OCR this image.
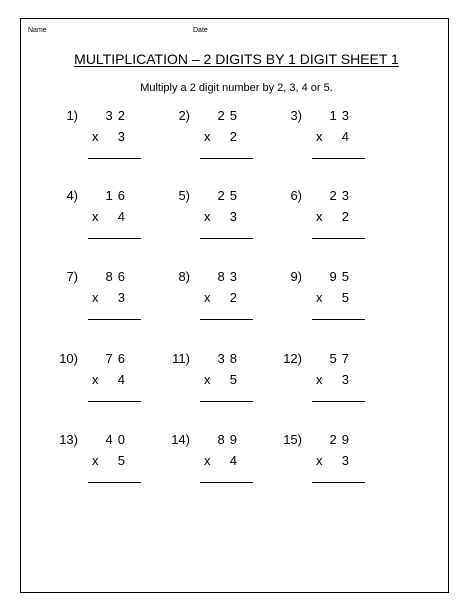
Name	Date
MULTIPLICATION – 2 DIGITS BY 1 DIGIT SHEET 1
Multiply a 2 digit number by 2, 3, 4 or 5.
1)	32
x	3
2)	25
x	2
3)	13
x	4
4)	16
x	4
5)	25
x	3
6)	23
x	2
7)	86
x	3
8)	83
x	2
9)	95
x	5
10)	76
x	4
11)	38
x	5
12)	57
x	3
13)	40
x	5
14)	89
x	4
15)	29
x	3
